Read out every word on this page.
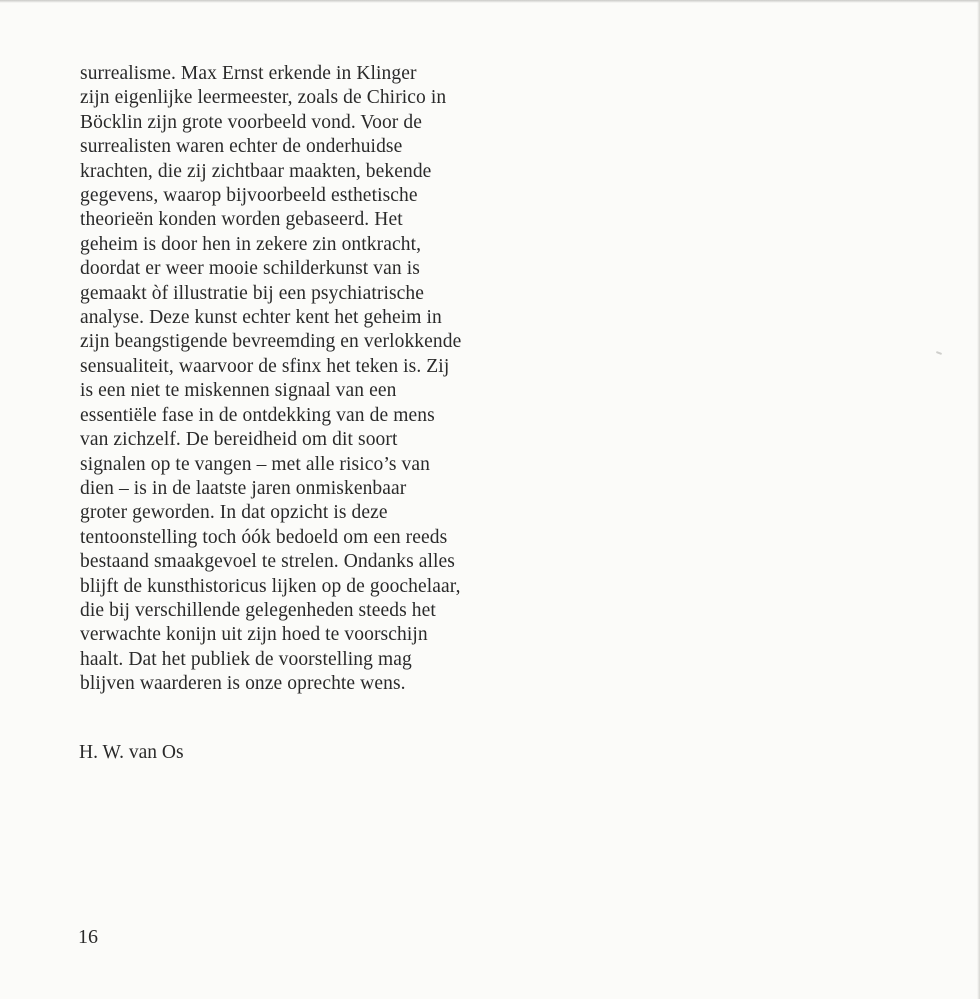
surrealisme. Max Ernst erkende in Klinger
zijn eigenlijke leermeester, zoals de Chirico in
Böcklin zijn grote voorbeeld vond. Voor de
surrealisten waren echter de onderhuidse
krachten, die zij zichtbaar maakten, bekende
gegevens, waarop bijvoorbeeld esthetische
theorieën konden worden gebaseerd. Het
geheim is door hen in zekere zin ontkracht,
doordat er weer mooie schilderkunst van is
gemaakt òf illustratie bij een psychiatrische
analyse. Deze kunst echter kent het geheim in
zijn beangstigende bevreemding en verlokkende
sensualiteit, waarvoor de sfinx het teken is. Zij
is een niet te miskennen signaal van een
essentiële fase in de ontdekking van de mens
van zichzelf. De bereidheid om dit soort
signalen op te vangen – met alle risico’s van
dien – is in de laatste jaren onmiskenbaar
groter geworden. In dat opzicht is deze
tentoonstelling toch óók bedoeld om een reeds
bestaand smaakgevoel te strelen. Ondanks alles
blijft de kunsthistoricus lijken op de goochelaar,
die bij verschillende gelegenheden steeds het
verwachte konijn uit zijn hoed te voorschijn
haalt. Dat het publiek de voorstelling mag
blijven waarderen is onze oprechte wens.
H. W. van Os
16
